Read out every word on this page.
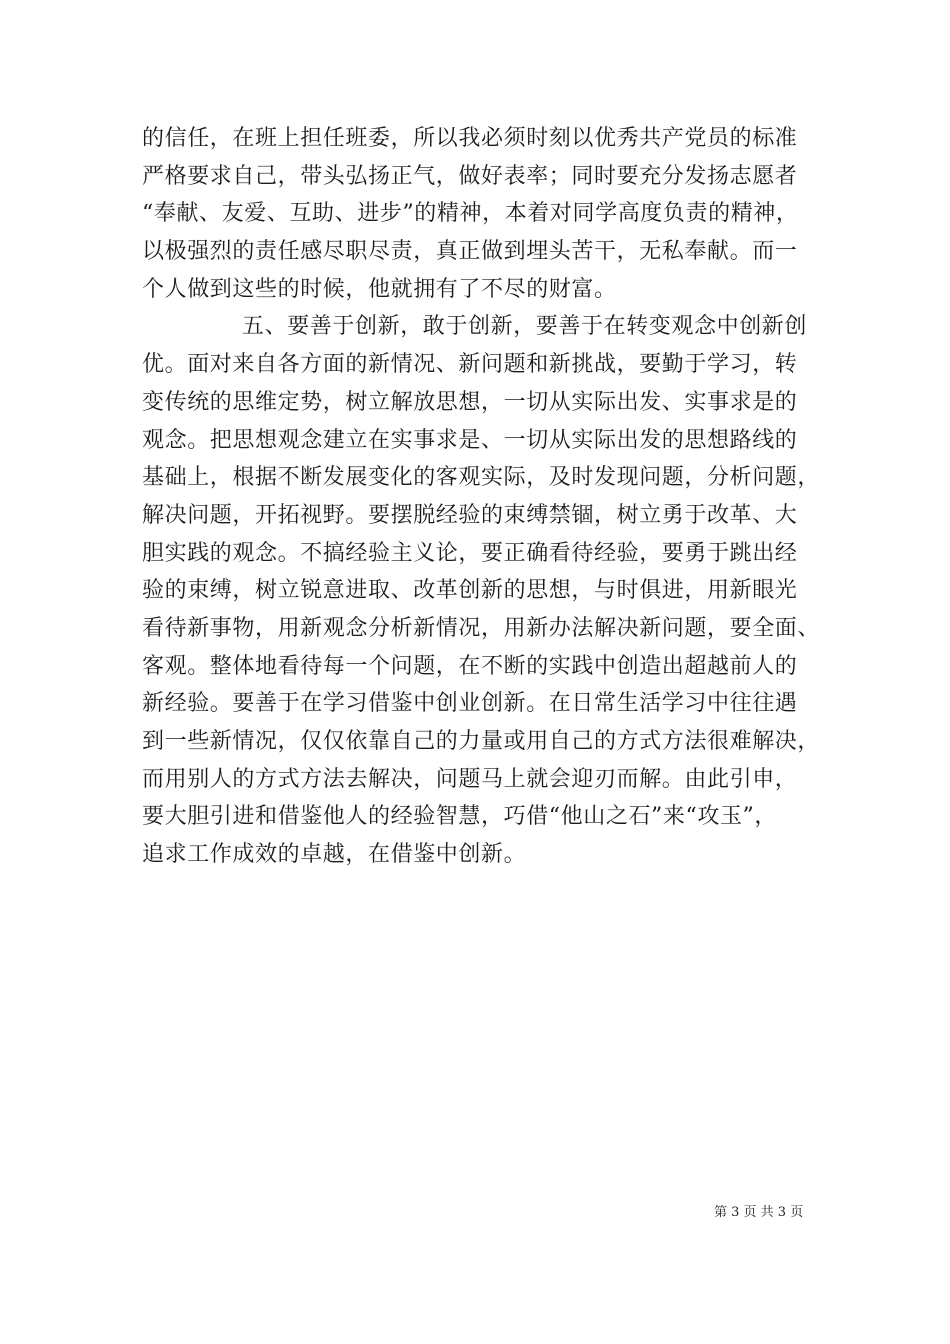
的信任，在班上担任班委，所以我必须时刻以优秀共产党员的标准
严格要求自己，带头弘扬正气，做好表率；同时要充分发扬志愿者
“奉献、友爱、互助、进步”的精神，本着对同学高度负责的精神，
以极强烈的责任感尽职尽责，真正做到埋头苦干，无私奉献。而一
个人做到这些的时候，他就拥有了不尽的财富。
五、要善于创新，敢于创新，要善于在转变观念中创新创
优。面对来自各方面的新情况、新问题和新挑战，要勤于学习，转
变传统的思维定势，树立解放思想，一切从实际出发、实事求是的
观念。把思想观念建立在实事求是、一切从实际出发的思想路线的
基础上，根据不断发展变化的客观实际，及时发现问题，分析问题，
解决问题，开拓视野。要摆脱经验的束缚禁锢，树立勇于改革、大
胆实践的观念。不搞经验主义论，要正确看待经验，要勇于跳出经
验的束缚，树立锐意进取、改革创新的思想，与时俱进，用新眼光
看待新事物，用新观念分析新情况，用新办法解决新问题，要全面、
客观。整体地看待每一个问题，在不断的实践中创造出超越前人的
新经验。要善于在学习借鉴中创业创新。在日常生活学习中往往遇
到一些新情况，仅仅依靠自己的力量或用自己的方式方法很难解决，
而用别人的方式方法去解决，问题马上就会迎刃而解。由此引申，
要大胆引进和借鉴他人的经验智慧，巧借“他山之石”来“攻玉”，
追求工作成效的卓越，在借鉴中创新。
第 3 页 共 3 页
